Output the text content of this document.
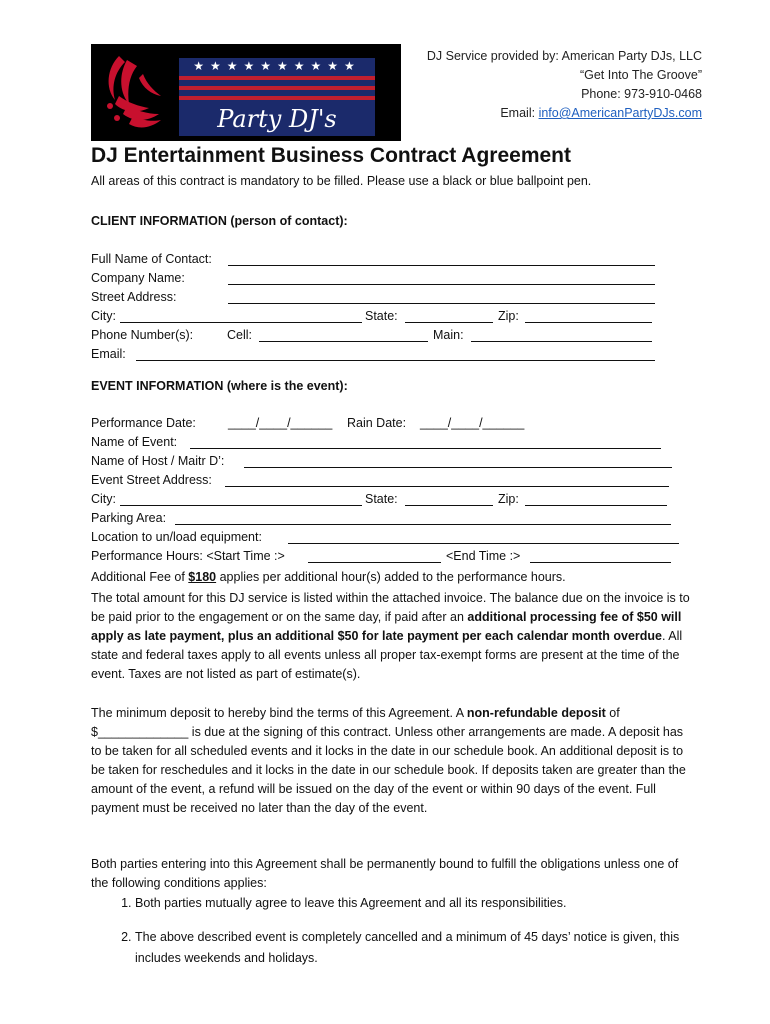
★★★★★★★★★★
Party DJ's
DJ Service provided by: American Party DJs, LLC
“Get Into The Groove”
Phone: 973-910-0468
Email: info@AmericanPartyDJs.com
DJ Entertainment Business Contract Agreement
All areas of this contract is mandatory to be filled. Please use a black or blue ballpoint pen.
CLIENT INFORMATION (person of contact):
Full Name of Contact:
Company Name:
Street Address:
City:	State:	Zip:
Phone Number(s):	Cell:	Main:
Email:
EVENT INFORMATION (where is the event):
Performance Date:	____/____/______ Rain Date: ____/____/______
Name of Event:
Name of Host / Maitr D’:
Event Street Address:
City:	State:	Zip:
Parking Area:
Location to un/load equipment:
Performance Hours: <Start Time :>	<End Time :>
Additional Fee of $180 applies per additional hour(s) added to the performance hours.
The total amount for this DJ service is listed within the attached invoice. The balance due on the invoice is to be paid prior to the engagement or on the same day, if paid after an additional processing fee of $50 will apply as late payment, plus an additional $50 for late payment per each calendar month overdue. All state and federal taxes apply to all events unless all proper tax-exempt forms are present at the time of the event. Taxes are not listed as part of estimate(s).
The minimum deposit to hereby bind the terms of this Agreement. A non-refundable deposit of $_____________ is due at the signing of this contract. Unless other arrangements are made. A deposit has to be taken for all scheduled events and it locks in the date in our schedule book. An additional deposit is to be taken for reschedules and it locks in the date in our schedule book. If deposits taken are greater than the amount of the event, a refund will be issued on the day of the event or within 90 days of the event. Full payment must be received no later than the day of the event.
Both parties entering into this Agreement shall be permanently bound to fulfill the obligations unless one of the following conditions applies:
1. Both parties mutually agree to leave this Agreement and all its responsibilities.
2. The above described event is completely cancelled and a minimum of 45 days’ notice is given, this includes weekends and holidays.
